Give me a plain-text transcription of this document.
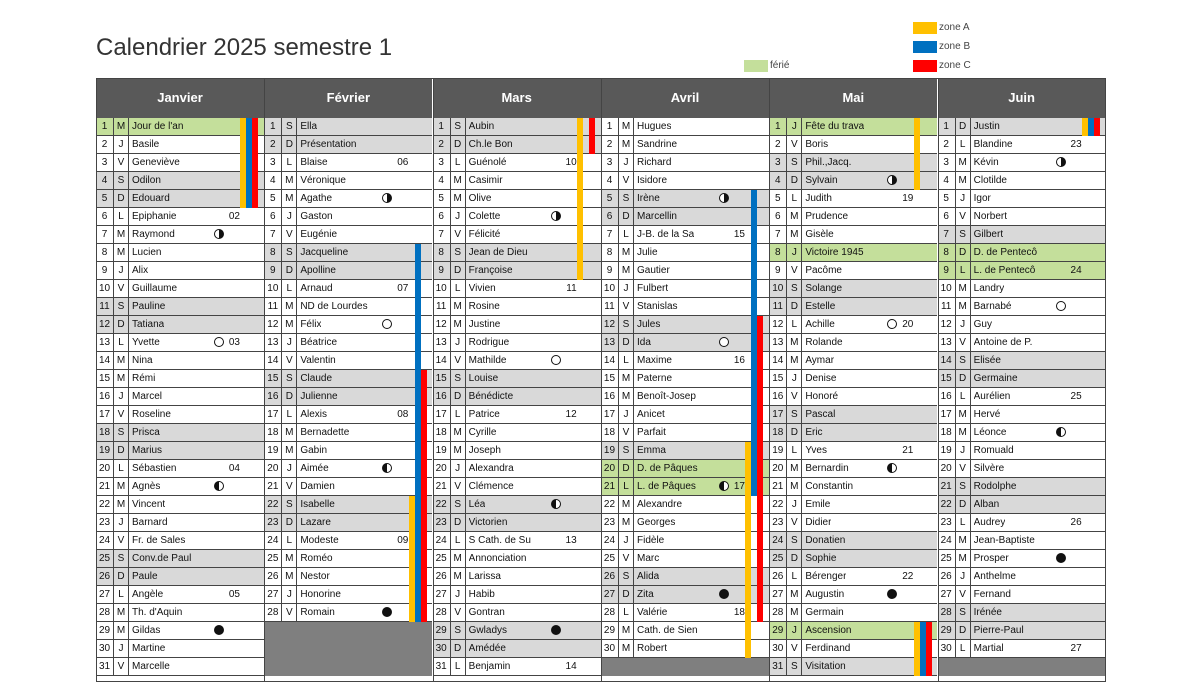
Calendrier 2025 semestre 1
zone A
zone B
zone C
férié
Janvier
1 M Jour de l'an
2	J Basile
3	V Geneviève
4	S Odilon
5	D Edouard
6	L Epiphanie	02
7 M Raymond
8 M Lucien
9	J Alix
10 V Guillaume
11 S Pauline
12 D Tatiana
13 L Yvette	03
14 M Nina
15 M Rémi
16 J Marcel
17 V Roseline
18 S Prisca
19 D Marius
20 L Sébastien	04
21 M Agnès
22 M Vincent
23 J Barnard
24 V Fr. de Sales
25 S Conv.de Paul
26 D Paule
27 L Angèle	05
28 M Th. d'Aquin
29 M Gildas
30 J Martine
31 V Marcelle
Février
1	S Ella
2	D Présentation
3	L Blaise	06
4 M Véronique
5 M Agathe
6	J Gaston
7	V Eugénie
8	S Jacqueline
9	D Apolline
10 L Arnaud	07
11 M ND de Lourdes
12 M Félix
13 J Béatrice
14 V Valentin
15 S Claude
16 D Julienne
17 L Alexis	08
18 M Bernadette
19 M Gabin
20 J Aimée
21 V Damien
22 S Isabelle
23 D Lazare
24 L Modeste	09
25 M Roméo
26 M Nestor
27 J Honorine
28 V Romain
Mars
1	S Aubin
2	D Ch.le Bon
3	L Guénolé	10
4 M Casimir
5 M Olive
6	J Colette
7	V Félicité
8	S Jean de Dieu
9	D Françoise
10 L Vivien	11
11 M Rosine
12 M Justine
13 J Rodrigue
14 V Mathilde
15 S Louise
16 D Bénédicte
17 L Patrice	12
18 M Cyrille
19 M Joseph
20 J Alexandra
21 V Clémence
22 S Léa
23 D Victorien
24 L S Cath. de Su	13
25 M Annonciation
26 M Larissa
27 J Habib
28 V Gontran
29 S Gwladys
30 D Amédée
31 L Benjamin	14
Avril
1 M Hugues
2 M Sandrine
3	J Richard
4	V Isidore
5	S Irène
6	D Marcellin
7	L J-B. de la Sa	15
8 M Julie
9 M Gautier
10 J Fulbert
11 V Stanislas
12 S Jules
13 D Ida
14 L Maxime	16
15 M Paterne
16 M Benoît-Josep
17 J Anicet
18 V Parfait
19 S Emma
20 D D. de Pâques
21 L L. de Pâques	17
22 M Alexandre
23 M Georges
24 J Fidèle
25 V Marc
26 S Alida
27 D Zita
28 L Valérie	18
29 M Cath. de Sien
30 M Robert
Mai
1	J Fête du trava
2	V Boris
3	S Phil.,Jacq.
4	D Sylvain
5	L Judith	19
6 M Prudence
7 M Gisèle
8	J Victoire 1945
9	V Pacôme
10 S Solange
11 D Estelle
12 L Achille	20
13 M Rolande
14 M Aymar
15 J Denise
16 V Honoré
17 S Pascal
18 D Eric
19 L Yves	21
20 M Bernardin
21 M Constantin
22 J Emile
23 V Didier
24 S Donatien
25 D Sophie
26 L Bérenger	22
27 M Augustin
28 M Germain
29 J Ascension
30 V Ferdinand
31 S Visitation
Juin
1	D Justin
2	L Blandine	23
3 M Kévin
4 M Clotilde
5	J Igor
6	V Norbert
7	S Gilbert
8	D D. de Pentecô
9	L L. de Pentecô	24
10 M Landry
11 M Barnabé
12 J Guy
13 V Antoine de P.
14 S Elisée
15 D Germaine
16 L Aurélien	25
17 M Hervé
18 M Léonce
19 J Romuald
20 V Silvère
21 S Rodolphe
22 D Alban
23 L Audrey	26
24 M Jean-Baptiste
25 M Prosper
26 J Anthelme
27 V Fernand
28 S Irénée
29 D Pierre-Paul
30 L Martial	27
